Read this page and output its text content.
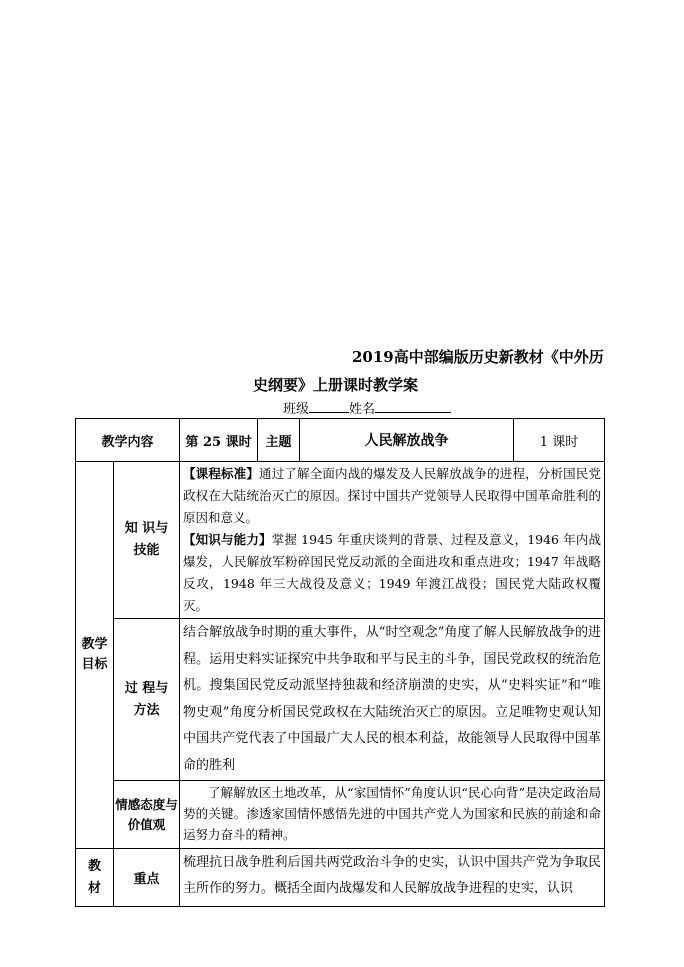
2019高中部编版历史新教材《中外历
史纲要》上册课时教学案
班级	姓名
教学内容		第 25 课时	主题	人民解放战争	1 课时
教学目标	知 识与技能	【课程标准】通过了解全面内战的爆发及人民解放战争的进程，分析国民党政权在大陆统治灭亡的原因。探讨中国共产党领导人民取得中国革命胜利的原因和意义。
【知识与能力】掌握 1945 年重庆谈判的背景、过程及意义，1946 年内战爆发，人民解放军粉碎国民党反动派的全面进攻和重点进攻；1947 年战略反攻，1948 年三大战役及意义；1949 年渡江战役；国民党大陆政权覆灭。			
	过 程与方法	结合解放战争时期的重大事件，从“时空观念”角度了解人民解放战争的进程。运用史料实证探究中共争取和平与民主的斗争，国民党政权的统治危机。搜集国民党反动派坚持独裁和经济崩溃的史实，从“史料实证”和“唯物史观”角度分析国民党政权在大陆统治灭亡的原因。立足唯物史观认知中国共产党代表了中国最广大人民的根本利益，故能领导人民取得中国革命的胜利			
	情感态度与价值观	了解解放区土地改革，从“家国情怀”角度认识“民心向背”是决定政治局势的关键。渗透家国情怀感悟先进的中国共产党人为国家和民族的前途和命运努力奋斗的精神。			
教 材	重点	梳理抗日战争胜利后国共两党政治斗争的史实，认识中国共产党为争取民主所作的努力。概括全面内战爆发和人民解放战争进程的史实，认识			
